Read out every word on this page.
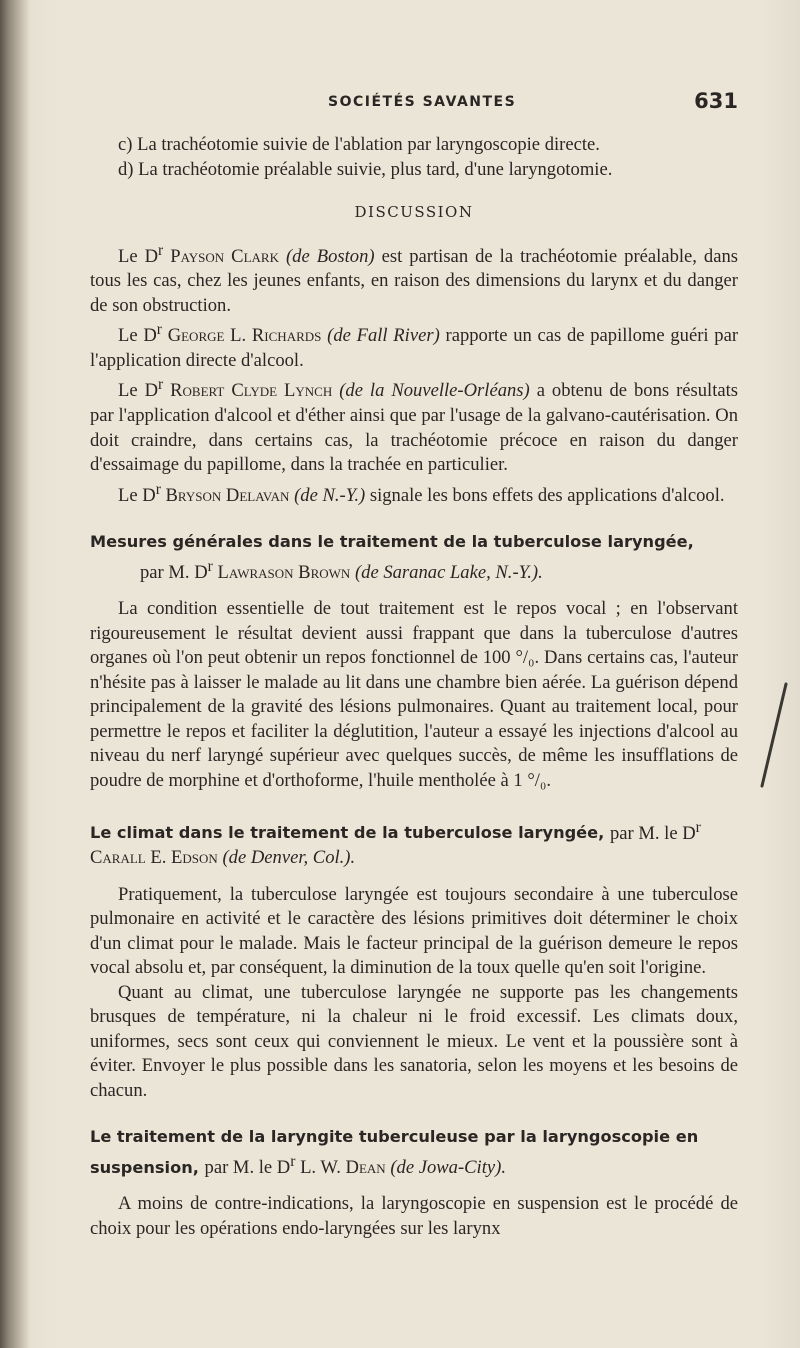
SOCIÉTÉS SAVANTES	631

c) La trachéotomie suivie de l'ablation par laryngoscopie directe.

d) La trachéotomie préalable suivie, plus tard, d'une laryngotomie.

DISCUSSION

Le $D^r$ Payson Clark (de Boston) est partisan de la trachéotomie préalable, dans tous les cas, chez les jeunes enfants, en raison des dimensions du larynx et du danger de son obstruction.

Le $D^r$ George L. Richards (de Fall River) rapporte un cas de papillome guéri par l'application directe d'alcool.

Le $D^r$ Robert Clyde Lynch (de la Nouvelle-Orléans) a obtenu de bons résultats par l'application d'alcool et d'éther ainsi que par l'usage de la galvano-cautérisation. On doit craindre, dans certains cas, la trachéotomie précoce en raison du danger d'essaimage du papillome, dans la trachée en particulier.

Le $D^r$ Bryson Delavan (de N.-Y.) signale les bons effets des applications d'alcool.

Mesures générales dans le traitement de la tuberculose laryngée,
par M. $D^r$ Lawrason Brown (de Saranac Lake, N.-Y.).

La condition essentielle de tout traitement est le repos vocal ; en l'observant rigoureusement le résultat devient aussi frappant que dans la tuberculose d'autres organes où l'on peut obtenir un repos fonctionnel de 100 °/₀. Dans certains cas, l'auteur n'hésite pas à laisser le malade au lit dans une chambre bien aérée. La guérison dépend principalement de la gravité des lésions pulmonaires. Quant au traitement local, pour permettre le repos et faciliter la déglutition, l'auteur a essayé les injections d'alcool au niveau du nerf laryngé supérieur avec quelques succès, de même les insufflations de poudre de morphine et d'orthoforme, l'huile mentholée à 1 °/₀.

Le climat dans le traitement de la tuberculose laryngée, par M. le $D^r$ Carall E. Edson (de Denver, Col.).

Pratiquement, la tuberculose laryngée est toujours secondaire à une tuberculose pulmonaire en activité et le caractère des lésions primitives doit déterminer le choix d'un climat pour le malade. Mais le facteur principal de la guérison demeure le repos vocal absolu et, par conséquent, la diminution de la toux quelle qu'en soit l'origine.

Quant au climat, une tuberculose laryngée ne supporte pas les changements brusques de température, ni la chaleur ni le froid excessif. Les climats doux, uniformes, secs sont ceux qui conviennent le mieux. Le vent et la poussière sont à éviter. Envoyer le plus possible dans les sanatoria, selon les moyens et les besoins de chacun.

Le traitement de la laryngite tuberculeuse par la laryngoscopie en suspension, par M. le $D^r$ L. W. Dean (de Jowa-City).

A moins de contre-indications, la laryngoscopie en suspension est le procédé de choix pour les opérations endo-laryngées sur les larynx
